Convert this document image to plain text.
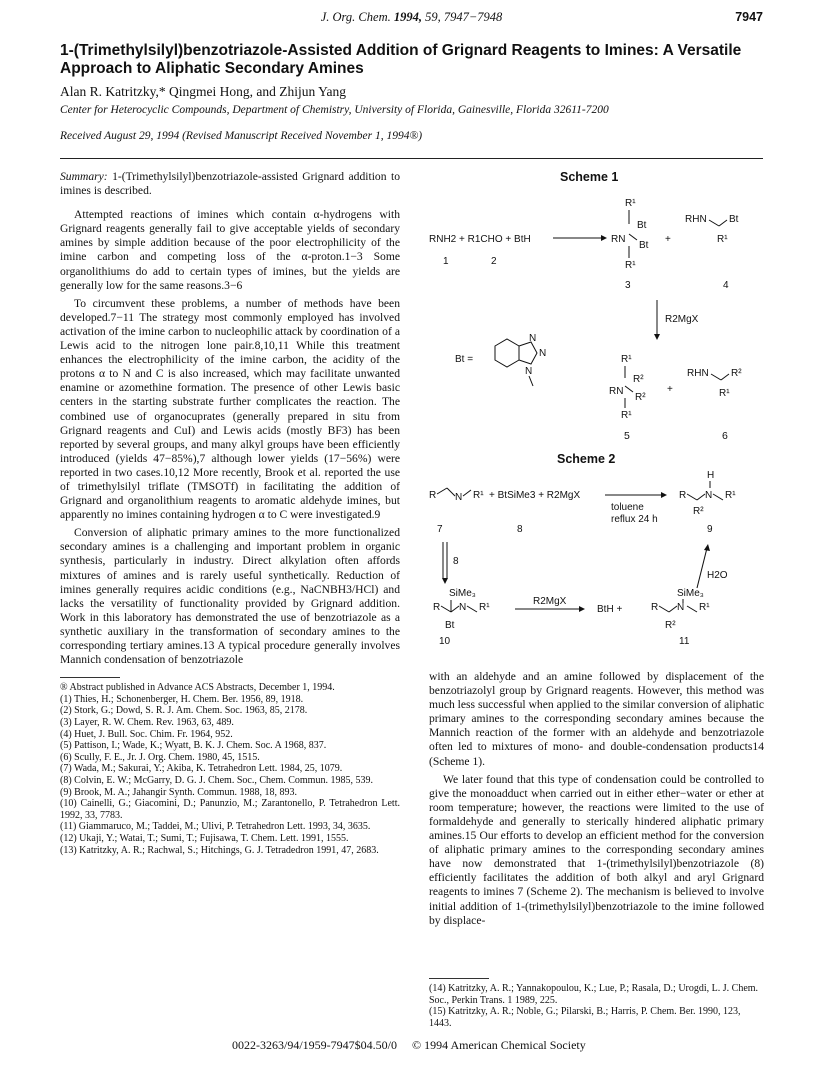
J. Org. Chem. 1994, 59, 7947−7948	7947
1-(Trimethylsilyl)benzotriazole-Assisted Addition of Grignard Reagents to Imines: A Versatile Approach to Aliphatic Secondary Amines
Alan R. Katritzky,* Qingmei Hong, and Zhijun Yang
Center for Heterocyclic Compounds, Department of Chemistry, University of Florida, Gainesville, Florida 32611-7200
Received August 29, 1994 (Revised Manuscript Received November 1, 1994®)

Summary: 1-(Trimethylsilyl)benzotriazole-assisted Grignard addition to imines is described.

Attempted reactions of imines which contain α-hydrogens with Grignard reagents generally fail to give acceptable yields of secondary amines by simple addition because of the poor electrophilicity of the imine carbon and competing loss of the α-proton.1−3 Some organolithiums do add to certain types of imines, but the yields are generally low for the same reasons.3−6

To circumvent these problems, a number of methods have been developed.7−11 The strategy most commonly employed has involved activation of the imine carbon to nucleophilic attack by coordination of a Lewis acid to the nitrogen lone pair.8,10,11 While this treatment enhances the electrophilicity of the imine carbon, the acidity of the protons α to N and C is also increased, which may facilitate unwanted enamine or azomethine formation. The presence of other Lewis basic centers in the starting substrate further complicates the reaction. The combined use of organocuprates (generally prepared in situ from Grignard reagents and CuI) and Lewis acids (mostly BF3) has been reported by several groups, and many alkyl groups have been efficiently introduced (yields 47−85%),7 although lower yields (17−56%) were reported in two cases.10,12 More recently, Brook et al. reported the use of trimethylsilyl triflate (TMSOTf) in facilitating the addition of Grignard and organolithium reagents to aromatic aldehyde imines, but apparently no imines containing hydrogen α to C were investigated.9

Conversion of aliphatic primary amines to the more functionalized secondary amines is a challenging and important problem in organic synthesis, particularly in industry. Direct alkylation often affords mixtures of amines and is rarely useful synthetically. Reduction of imines generally requires acidic conditions (e.g., NaCNBH3/HCl) and lacks the versatility of functionality provided by Grignard addition. Work in this laboratory has demonstrated the use of benzotriazole as a synthetic auxiliary in the transformation of secondary amines to the corresponding tertiary amines.13 A typical procedure generally involves Mannich condensation of benzotriazole

® Abstract published in Advance ACS Abstracts, December 1, 1994.

(1) Thies, H.; Schonenberger, H. Chem. Ber. 1956, 89, 1918.

(2) Stork, G.; Dowd, S. R. J. Am. Chem. Soc. 1963, 85, 2178.

(3) Layer, R. W. Chem. Rev. 1963, 63, 489.

(4) Huet, J. Bull. Soc. Chim. Fr. 1964, 952.

(5) Pattison, I.; Wade, K.; Wyatt, B. K. J. Chem. Soc. A 1968, 837.

(6) Scully, F. E., Jr. J. Org. Chem. 1980, 45, 1515.

(7) Wada, M.; Sakurai, Y.; Akiba, K. Tetrahedron Lett. 1984, 25, 1079.

(8) Colvin, E. W.; McGarry, D. G. J. Chem. Soc., Chem. Commun. 1985, 539.

(9) Brook, M. A.; Jahangir Synth. Commun. 1988, 18, 893.

(10) Cainelli, G.; Giacomini, D.; Panunzio, M.; Zarantonello, P. Tetrahedron Lett. 1992, 33, 7783.

(11) Giammaruco, M.; Taddei, M.; Ulivi, P. Tetrahedron Lett. 1993, 34, 3635.

(12) Ukaji, Y.; Watai, T.; Sumi, T.; Fujisawa, T. Chem. Lett. 1991, 1555.

(13) Katritzky, A. R.; Rachwal, S.; Hitchings, G. J. Tetradedron 1991, 47, 2683.

Scheme 1
RNH2 + R1CHO + BtH
1	2
R¹
Bt
RN
Bt
R¹
3
+
RHN Bt
R¹
4
R2MgX
Bt =
N
N
N
R¹
R²
RN
R²
R¹
+
RHN R²
R¹
5	6
Scheme 2
R N R¹ + BtSiMe3 + R2MgX
toluene
reflux 24 h
7	8
H
R N R¹
R²
9
8
H2O
SiMe₃
R N R¹
Bt
10
R2MgX
BtH +
SiMe₃
R N R¹
R²
11

with an aldehyde and an amine followed by displacement of the benzotriazolyl group by Grignard reagents. However, this method was much less successful when applied to the similar conversion of aliphatic primary amines to the corresponding secondary amines because the Mannich reaction of the former with an aldehyde and benzotriazole often led to mixtures of mono- and double-condensation products14 (Scheme 1).

We later found that this type of condensation could be controlled to give the monoadduct when carried out in either ether−water or ether at room temperature; however, the reactions were limited to the use of formaldehyde and generally to sterically hindered aliphatic primary amines.15 Our efforts to develop an efficient method for the conversion of aliphatic primary amines to the corresponding secondary amines have now demonstrated that 1-(trimethylsilyl)benzotriazole (8) efficiently facilitates the addition of both alkyl and aryl Grignard reagents to imines 7 (Scheme 2). The mechanism is believed to involve initial addition of 1-(trimethylsilyl)benzotriazole to the imine followed by displace-

(14) Katritzky, A. R.; Yannakopoulou, K.; Lue, P.; Rasala, D.; Urogdi, L. J. Chem. Soc., Perkin Trans. 1 1989, 225.

(15) Katritzky, A. R.; Noble, G.; Pilarski, B.; Harris, P. Chem. Ber. 1990, 123, 1443.

0022-3263/94/1959-7947$04.50/0 © 1994 American Chemical Society
